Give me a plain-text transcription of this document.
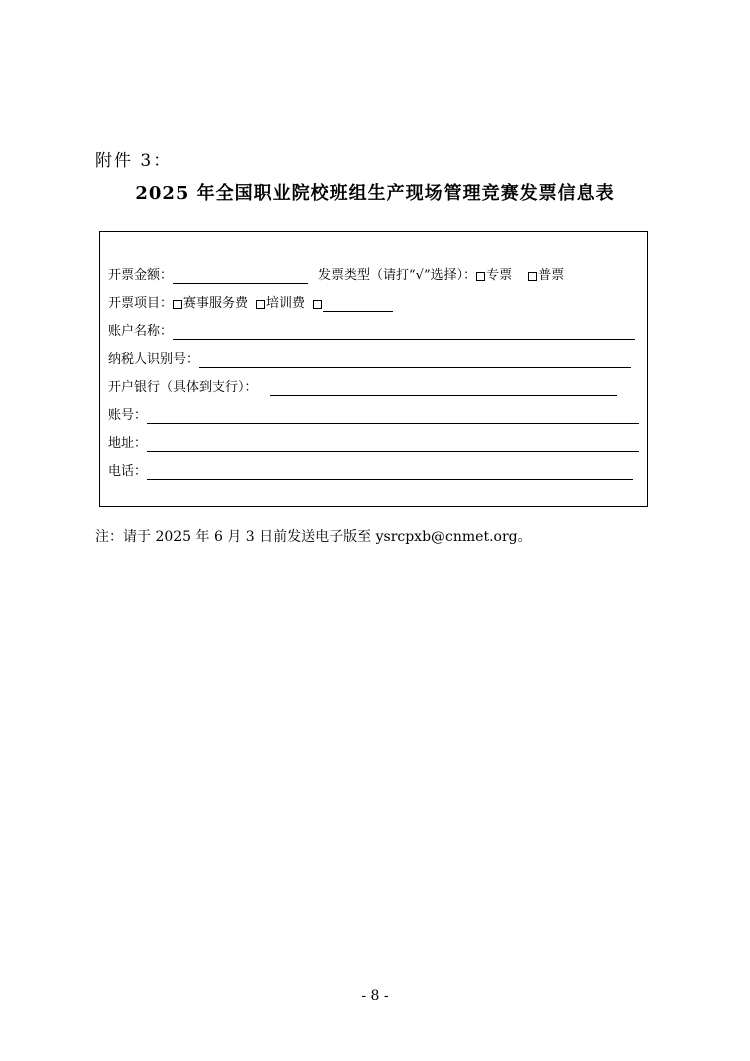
附件 3：
2025 年全国职业院校班组生产现场管理竞赛发票信息表
开票金额：	发票类型（请打“√”选择）： 专票 普票
开票项目： 赛事服务费 培训费
账户名称：
纳税人识别号：
开户银行（具体到支行）：
账号：
地址：
电话：
注：请于 2025 年 6 月 3 日前发送电子版至 ysrcpxb@cnmet.org。
- 8 -
